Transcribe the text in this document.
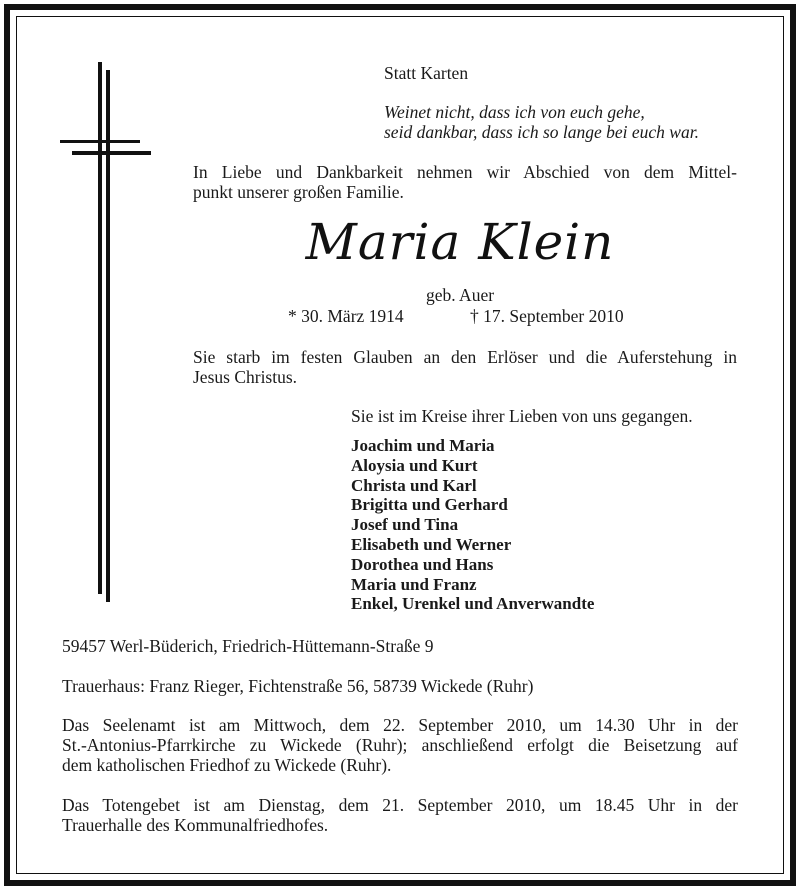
Statt Karten
Weinet nicht, dass ich von euch gehe,
seid dankbar, dass ich so lange bei euch war.
In Liebe und Dankbarkeit nehmen wir Abschied von dem Mittel-
punkt unserer großen Familie.
Maria Klein
geb. Auer
* 30. März 1914	† 17. September 2010
Sie starb im festen Glauben an den Erlöser und die Auferstehung in
Jesus Christus.
Sie ist im Kreise ihrer Lieben von uns gegangen.
Joachim und Maria
Aloysia und Kurt
Christa und Karl
Brigitta und Gerhard
Josef und Tina
Elisabeth und Werner
Dorothea und Hans
Maria und Franz
Enkel, Urenkel und Anverwandte
59457 Werl-Büderich, Friedrich-Hüttemann-Straße 9
Trauerhaus: Franz Rieger, Fichtenstraße 56, 58739 Wickede (Ruhr)
Das Seelenamt ist am Mittwoch, dem 22. September 2010, um 14.30 Uhr in der
St.-Antonius-Pfarrkirche zu Wickede (Ruhr); anschließend erfolgt die Beisetzung auf
dem katholischen Friedhof zu Wickede (Ruhr).
Das Totengebet ist am Dienstag, dem 21. September 2010, um 18.45 Uhr in der
Trauerhalle des Kommunalfriedhofes.
